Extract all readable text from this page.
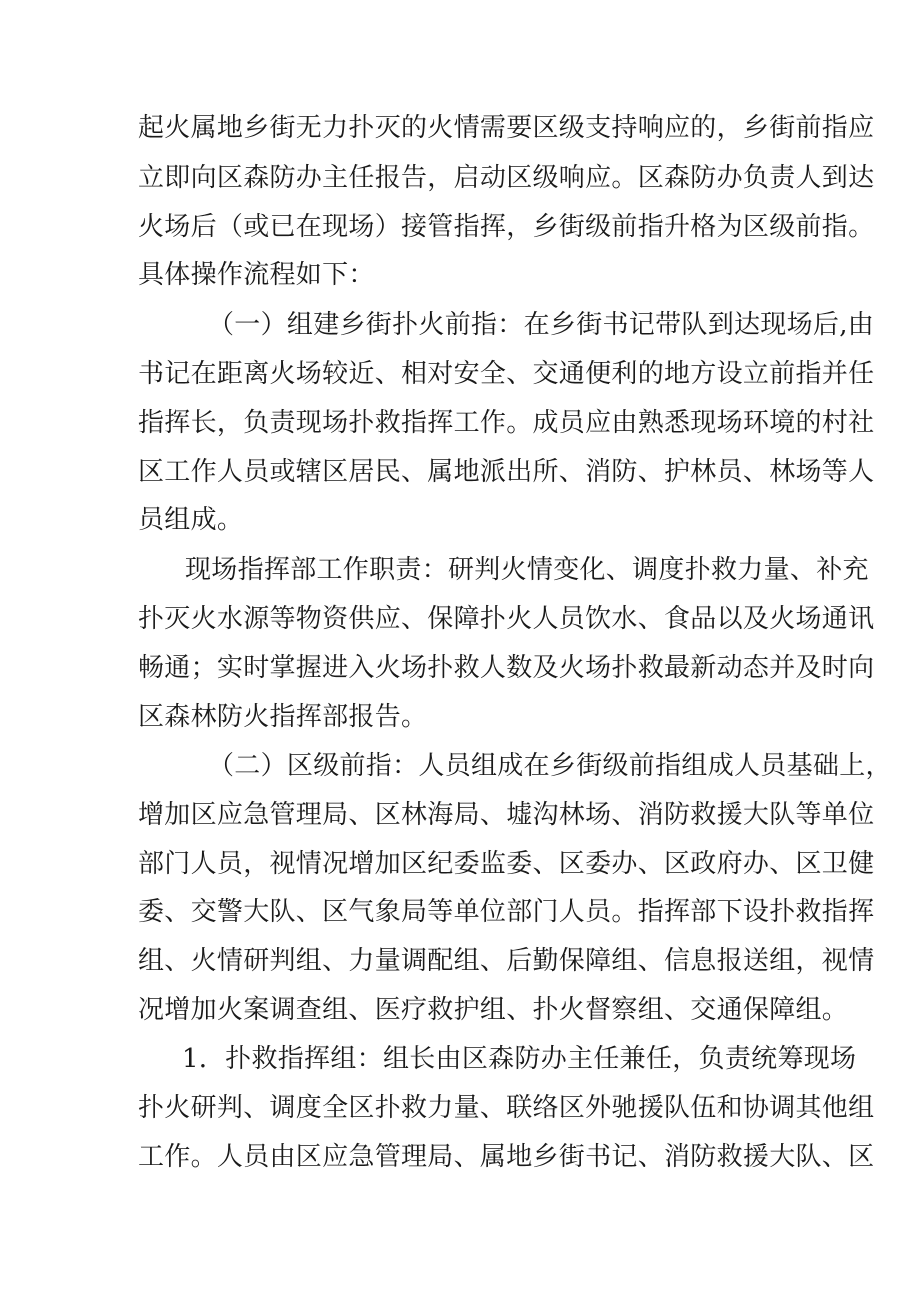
起火属地乡街无力扑灭的火情需要区级支持响应的，乡街前指应
立即向区森防办主任报告，启动区级响应。区森防办负责人到达
火场后（或已在现场）接管指挥，乡街级前指升格为区级前指。
具体操作流程如下：
（一）组建乡街扑火前指：在乡街书记带队到达现场后,由
书记在距离火场较近、相对安全、交通便利的地方设立前指并任
指挥长，负责现场扑救指挥工作。成员应由熟悉现场环境的村社
区工作人员或辖区居民、属地派出所、消防、护林员、林场等人
员组成。
现场指挥部工作职责：研判火情变化、调度扑救力量、补充
扑灭火水源等物资供应、保障扑火人员饮水、食品以及火场通讯
畅通；实时掌握进入火场扑救人数及火场扑救最新动态并及时向
区森林防火指挥部报告。
（二）区级前指：人员组成在乡街级前指组成人员基础上，
增加区应急管理局、区林海局、墟沟林场、消防救援大队等单位
部门人员，视情况增加区纪委监委、区委办、区政府办、区卫健
委、交警大队、区气象局等单位部门人员。指挥部下设扑救指挥
组、火情研判组、力量调配组、后勤保障组、信息报送组，视情
况增加火案调查组、医疗救护组、扑火督察组、交通保障组。
1．扑救指挥组：组长由区森防办主任兼任，负责统筹现场
扑火研判、调度全区扑救力量、联络区外驰援队伍和协调其他组
工作。人员由区应急管理局、属地乡街书记、消防救援大队、区
